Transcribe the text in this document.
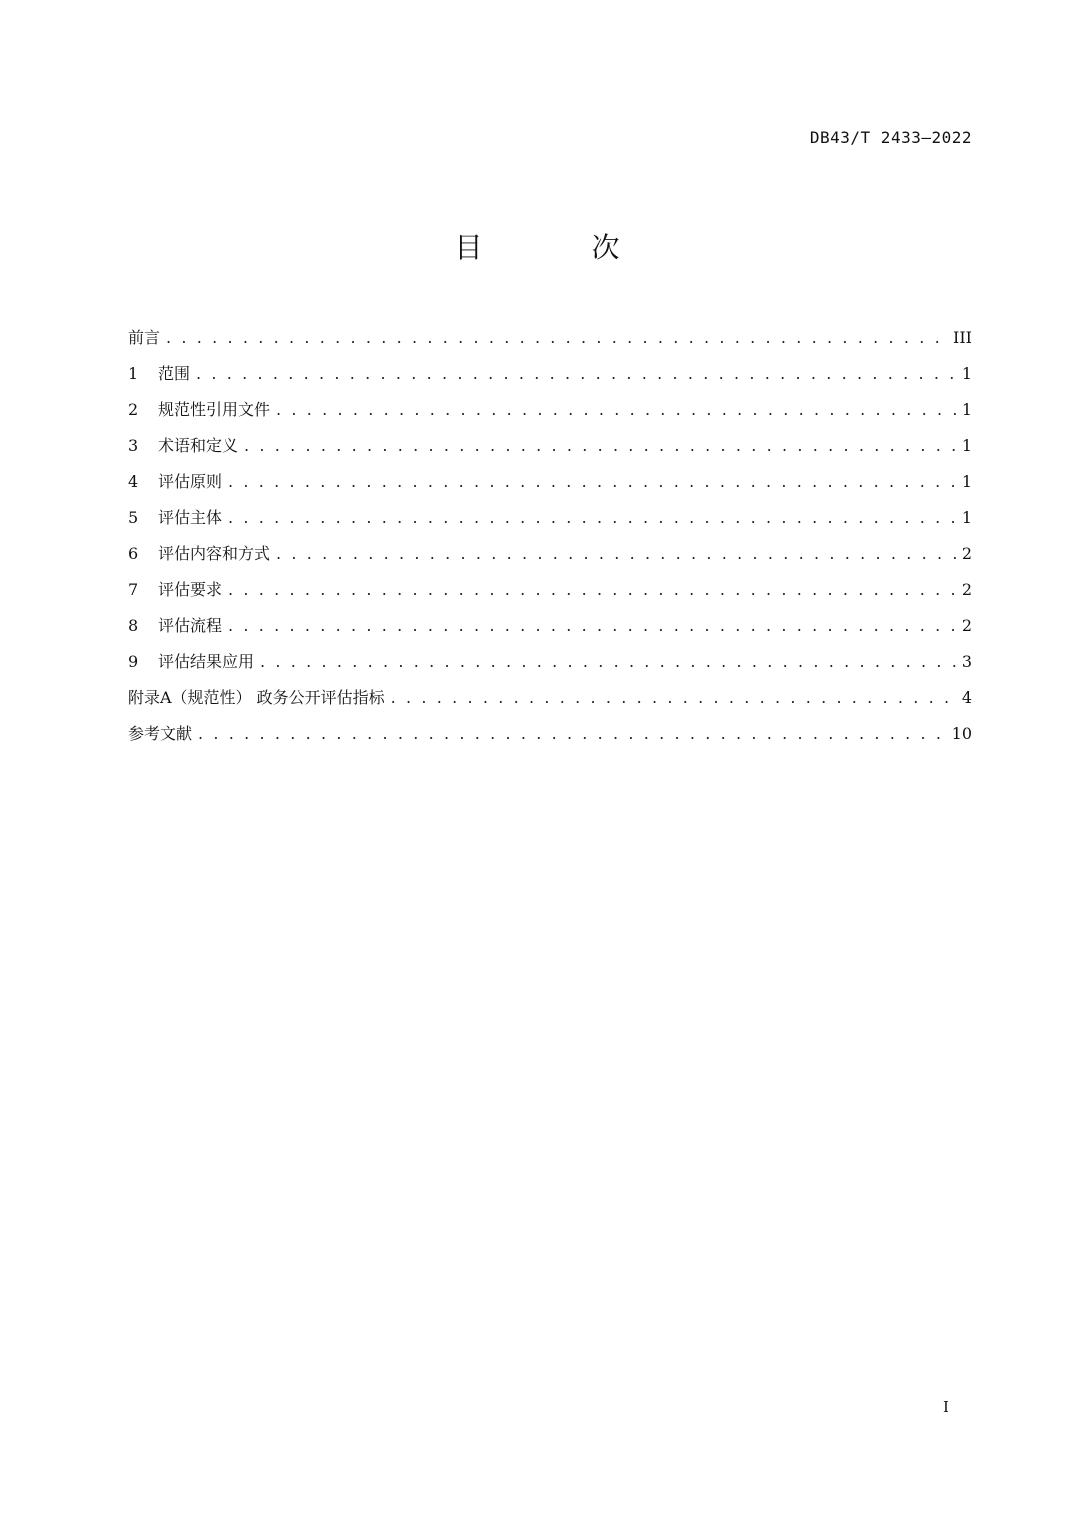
DB43/T 2433—2022
目 次
前言 . . .	III
1	范围 . . .	1
2	规范性引用文件 . . .	1
3	术语和定义 . . .	1
4	评估原则 . . .	1
5	评估主体 . . .	1
6	评估内容和方式 . . .	2
7	评估要求 . . .	2
8	评估流程 . . .	2
9	评估结果应用 . . .	3
附录A（规范性） 政务公开评估指标 . . .	4
参考文献 . . .	10
I
